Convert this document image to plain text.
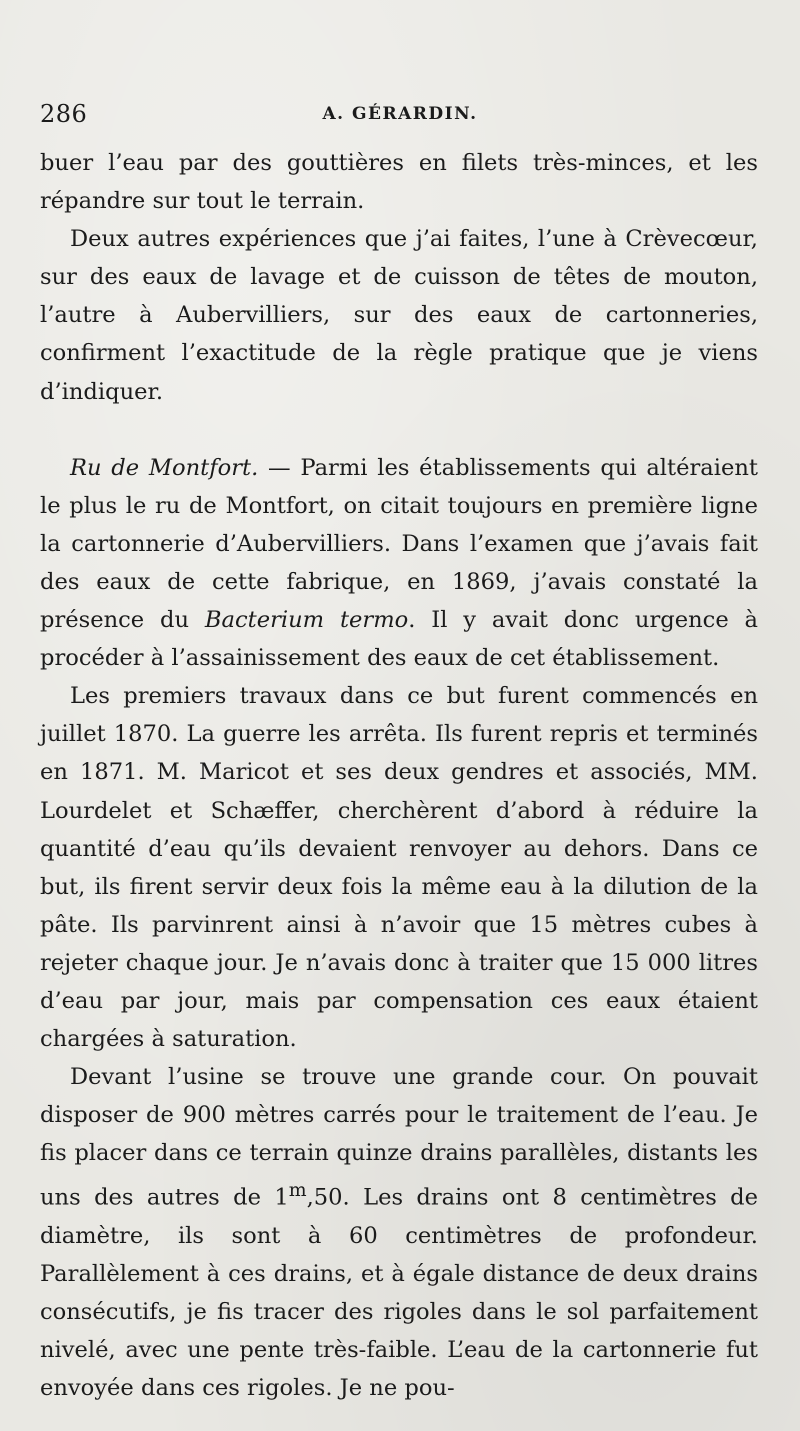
286	A. GÉRARDIN.

buer l’eau par des gouttières en filets très-minces, et les répandre sur tout le terrain.

Deux autres expériences que j’ai faites, l’une à Crèvecœur, sur des eaux de lavage et de cuisson de têtes de mouton, l’autre à Aubervilliers, sur des eaux de cartonneries, confirment l’exactitude de la règle pratique que je viens d’indiquer.

Ru de Montfort. — Parmi les établissements qui altéraient le plus le ru de Montfort, on citait toujours en première ligne la cartonnerie d’Aubervilliers. Dans l’examen que j’avais fait des eaux de cette fabrique, en 1869, j’avais constaté la présence du Bacterium termo. Il y avait donc urgence à procéder à l’assainissement des eaux de cet établissement.

Les premiers travaux dans ce but furent commencés en juillet 1870. La guerre les arrêta. Ils furent repris et terminés en 1871. M. Maricot et ses deux gendres et associés, MM. Lourdelet et Schæffer, cherchèrent d’abord à réduire la quantité d’eau qu’ils devaient renvoyer au dehors. Dans ce but, ils firent servir deux fois la même eau à la dilution de la pâte. Ils parvinrent ainsi à n’avoir que 15 mètres cubes à rejeter chaque jour. Je n’avais donc à traiter que 15 000 litres d’eau par jour, mais par compensation ces eaux étaient chargées à saturation.

Devant l’usine se trouve une grande cour. On pouvait disposer de 900 mètres carrés pour le traitement de l’eau. Je fis placer dans ce terrain quinze drains parallèles, distants les uns des autres de 1$^m$,50. Les drains ont 8 centimètres de diamètre, ils sont à 60 centimètres de profondeur. Parallèlement à ces drains, et à égale distance de deux drains consécutifs, je fis tracer des rigoles dans le sol parfaitement nivelé, avec une pente très-faible. L’eau de la cartonnerie fut envoyée dans ces rigoles. Je ne pou-
